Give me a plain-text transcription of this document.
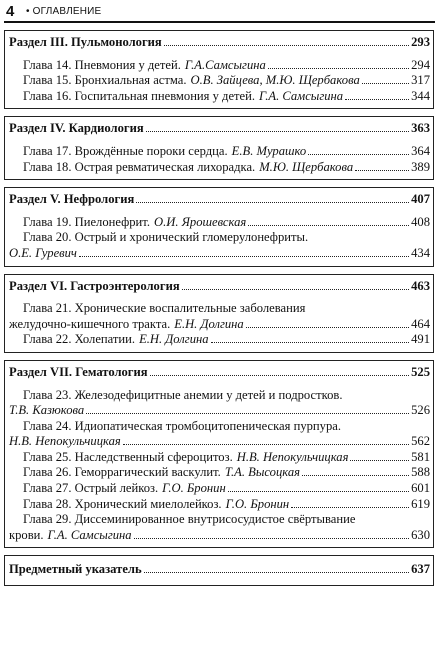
4 • ОГЛАВЛЕНИЕ
Раздел III. Пульмонология	293
Глава 14. Пневмония у детей. Г.А.Самсыгина	294
Глава 15. Бронхиальная астма. О.В. Зайцева, М.Ю. Щербакова	317
Глава 16. Госпитальная пневмония у детей. Г.А. Самсыгина	344
Раздел IV. Кардиология	363
Глава 17. Врождённые пороки сердца. Е.В. Мурашко	364
Глава 18. Острая ревматическая лихорадка. М.Ю. Щербакова	389
Раздел V. Нефрология	407
Глава 19. Пиелонефрит. О.И. Ярошевская	408
Глава 20. Острый и хронический гломерулонефриты.
О.Е. Гуревич	434
Раздел VI. Гастроэнтерология	463
Глава 21. Хронические воспалительные заболевания
желудочно-кишечного тракта. Е.Н. Долгина	464
Глава 22. Холепатии. Е.Н. Долгина	491
Раздел VII. Гематология	525
Глава 23. Железодефицитные анемии у детей и подростков.
Т.В. Казюкова	526
Глава 24. Идиопатическая тромбоцитопеническая пурпура.
Н.В. Непокульчицкая	562
Глава 25. Наследственный сфероцитоз. Н.В. Непокульчицкая	581
Глава 26. Геморрагический васкулит. Т.А. Высоцкая	588
Глава 27. Острый лейкоз. Г.О. Бронин	601
Глава 28. Хронический миелолейкоз. Г.О. Бронин	619
Глава 29. Диссеминированное внутрисосудистое свёртывание
крови. Г.А. Самсыгина	630
Предметный указатель	637
